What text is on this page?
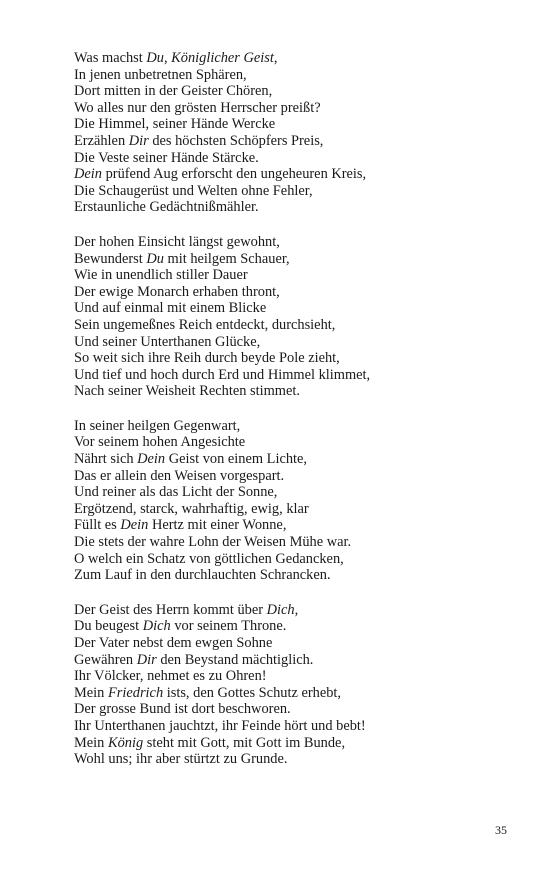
Was machst Du, Königlicher Geist,
In jenen unbetretnen Sphären,
Dort mitten in der Geister Chören,
Wo alles nur den grösten Herrscher preißt?
Die Himmel, seiner Hände Wercke
Erzählen Dir des höchsten Schöpfers Preis,
Die Veste seiner Hände Stärcke.
Dein prüfend Aug erforscht den ungeheuren Kreis,
Die Schaugerüst und Welten ohne Fehler,
Erstaunliche Gedächtnißmähler.
Der hohen Einsicht längst gewohnt,
Bewunderst Du mit heilgem Schauer,
Wie in unendlich stiller Dauer
Der ewige Monarch erhaben thront,
Und auf einmal mit einem Blicke
Sein ungemeßnes Reich entdeckt, durchsieht,
Und seiner Unterthanen Glücke,
So weit sich ihre Reih durch beyde Pole zieht,
Und tief und hoch durch Erd und Himmel klimmet,
Nach seiner Weisheit Rechten stimmet.
In seiner heilgen Gegenwart,
Vor seinem hohen Angesichte
Nährt sich Dein Geist von einem Lichte,
Das er allein den Weisen vorgespart.
Und reiner als das Licht der Sonne,
Ergötzend, starck, wahrhaftig, ewig, klar
Füllt es Dein Hertz mit einer Wonne,
Die stets der wahre Lohn der Weisen Mühe war.
O welch ein Schatz von göttlichen Gedancken,
Zum Lauf in den durchlauchten Schrancken.
Der Geist des Herrn kommt über Dich,
Du beugest Dich vor seinem Throne.
Der Vater nebst dem ewgen Sohne
Gewähren Dir den Beystand mächtiglich.
Ihr Völcker, nehmet es zu Ohren!
Mein Friedrich ists, den Gottes Schutz erhebt,
Der grosse Bund ist dort beschworen.
Ihr Unterthanen jauchtzt, ihr Feinde hört und bebt!
Mein König steht mit Gott, mit Gott im Bunde,
Wohl uns; ihr aber stürtzt zu Grunde.
35
